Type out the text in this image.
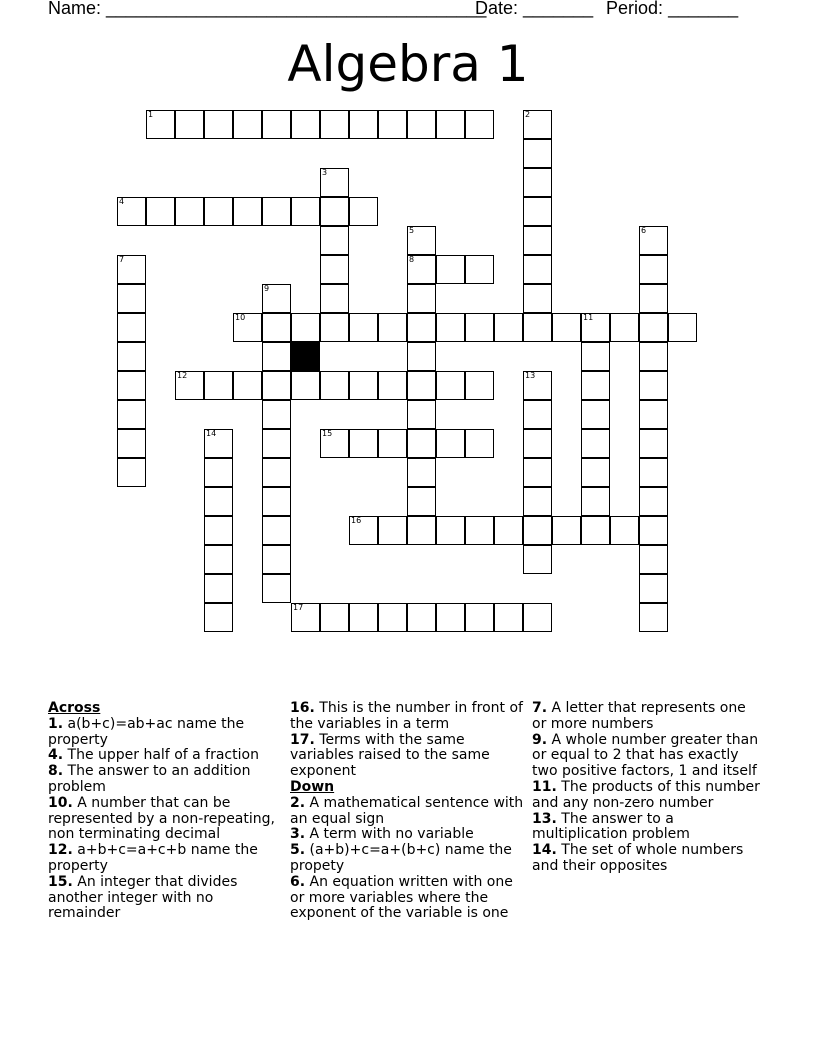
Name: ______________________________________
Date: _______ Period: _______
Algebra 1
1	2
3
4
5
8
6
7
9
10	11
12	13
14	15
16
17

Across

1. a(b+c)=ab+ac name the property

4. The upper half of a fraction

8. The answer to an addition problem

10. A number that can be represented by a non-repeating, non terminating decimal

12. a+b+c=a+c+b name the property

15. An integer that divides another integer with no remainder

16. This is the number in front of the variables in a term

17. Terms with the same variables raised to the same exponent

Down

2. A mathematical sentence with an equal sign

3. A term with no variable

5. (a+b)+c=a+(b+c) name the propety

6. An equation written with one or more variables where the exponent of the variable is one

7. A letter that represents one or more numbers

9. A whole number greater than or equal to 2 that has exactly two positive factors, 1 and itself

11. The products of this number and any non-zero number

13. The answer to a multiplication problem

14. The set of whole numbers and their opposites
